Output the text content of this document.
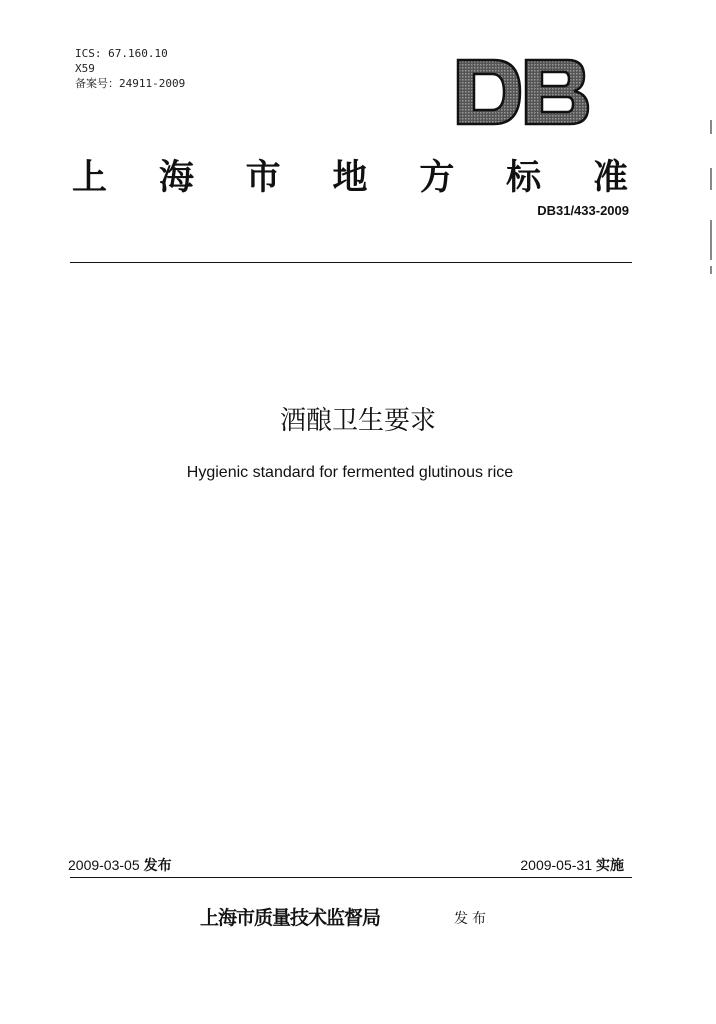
ICS: 67.160.10
X59
备案号：24911-2009
上 海 市 地 方 标 准
DB31/433-2009
酒酿卫生要求
Hygienic standard for fermented glutinous rice
2009-03-05 发布	2009-05-31 实施
上海市质量技术监督局	发布
